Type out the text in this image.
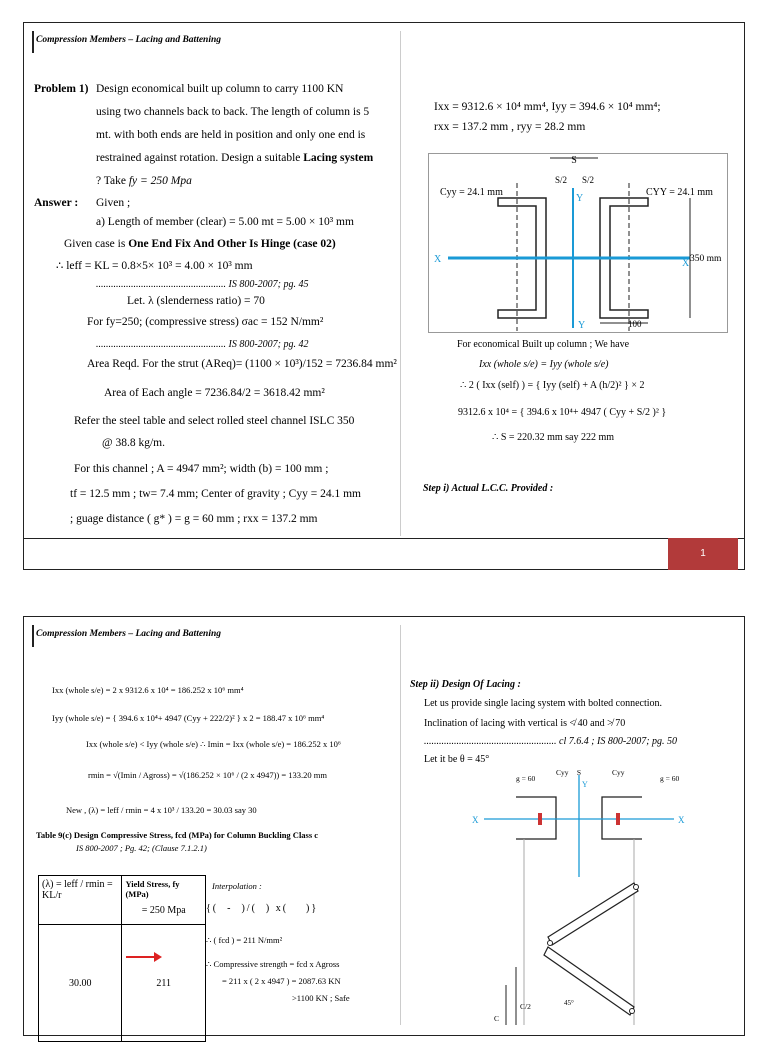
Compression Members – Lacing and Battening
Problem 1) Design economical built up column to carry 1100 KN
using two channels back to back. The length of column is 5
mt. with both ends are held in position and only one end is
restrained against rotation. Design a suitable Lacing system
? Take fy = 250 Mpa
Answer : Given ;
a) Length of member (clear) = 5.00 mt = 5.00 × 10³ mm
Given case is One End Fix And Other Is Hinge (case 02)
∴ leff = KL = 0.8×5× 10³ = 4.00 × 10³ mm
.................................................... IS 800-2007; pg. 45
Let. λ (slenderness ratio) = 70
For fy=250; (compressive stress) σac = 152 N/mm²
.................................................... IS 800-2007; pg. 42
Area Reqd. For the strut (AReq)= (1100 × 10³)/152 = 7236.84 mm²
Area of Each angle = 7236.84/2 = 3618.42 mm²
Refer the steel table and select rolled steel channel ISLC 350
@ 38.8 kg/m.
For this channel ; A = 4947 mm²; width (b) = 100 mm ;
tf = 12.5 mm ; tw= 7.4 mm; Center of gravity ; Cyy = 24.1 mm
; guage distance ( g* ) = g = 60 mm ; rxx = 137.2 mm
Ixx = 9312.6 × 10⁴ mm⁴, Iyy = 394.6 × 10⁴ mm⁴;
rxx = 137.2 mm , ryy = 28.2 mm
S
S/2 S/2
Y
Y
X	X
Cyy = 24.1 mm	CYY = 24.1 mm
350 mm
100
For economical Built up column ; We have
Ixx (whole s/e) = Iyy (whole s/e)
∴ 2 ( Ixx (self) ) = { Iyy (self) + A (h/2)² } × 2
9312.6 x 10⁴ = { 394.6 x 10⁴+ 4947 ( Cyy + S/2 )² }
∴ S = 220.32 mm say 222 mm
Step i) Actual L.C.C. Provided :
1
Compression Members – Lacing and Battening
Ixx (whole s/e) = 2 x 9312.6 x 10⁴ = 186.252 x 10⁶ mm⁴
Iyy (whole s/e) = { 394.6 x 10⁴+ 4947 (Cyy + 222/2)² } x 2 = 188.47 x 10⁶ mm⁴
Ixx (whole s/e) < Iyy (whole s/e) ∴ Imin = Ixx (whole s/e) = 186.252 x 10⁶
rmin = √(Imin / Agross) = √(186.252 × 10⁶ / (2 x 4947)) = 133.20 mm
New , (λ) = leff / rmin = 4 x 10³ / 133.20 = 30.03 say 30
Table 9(c) Design Compressive Stress, fcd (MPa) for Column Buckling Class c
IS 800-2007 ; Pg. 42; (Clause 7.1.2.1)
(λ) = leff / rmin = KL/r	Yield Stress, fy (MPa)
= 250 Mpa

30.00	211
Interpolation :
{(  -  )/(  ) x(    )}
∴ ( fcd ) = 211 N/mm²
∴ Compressive strength = fcd x Agross
= 211 x ( 2 x 4947 ) = 2087.63 KN
>1100 KN ; Safe
Step ii) Design Of Lacing :
Let us provide single lacing system with bolted connection.
Inclination of lacing with vertical is ≮ 40 and ≯ 70
..................................................... cl 7.6.4 ; IS 800-2007; pg. 50
Let it be θ = 45°
X	X
Y
g = 60	g = 60
Cyy	Cyy
S
C/2
C
45°
